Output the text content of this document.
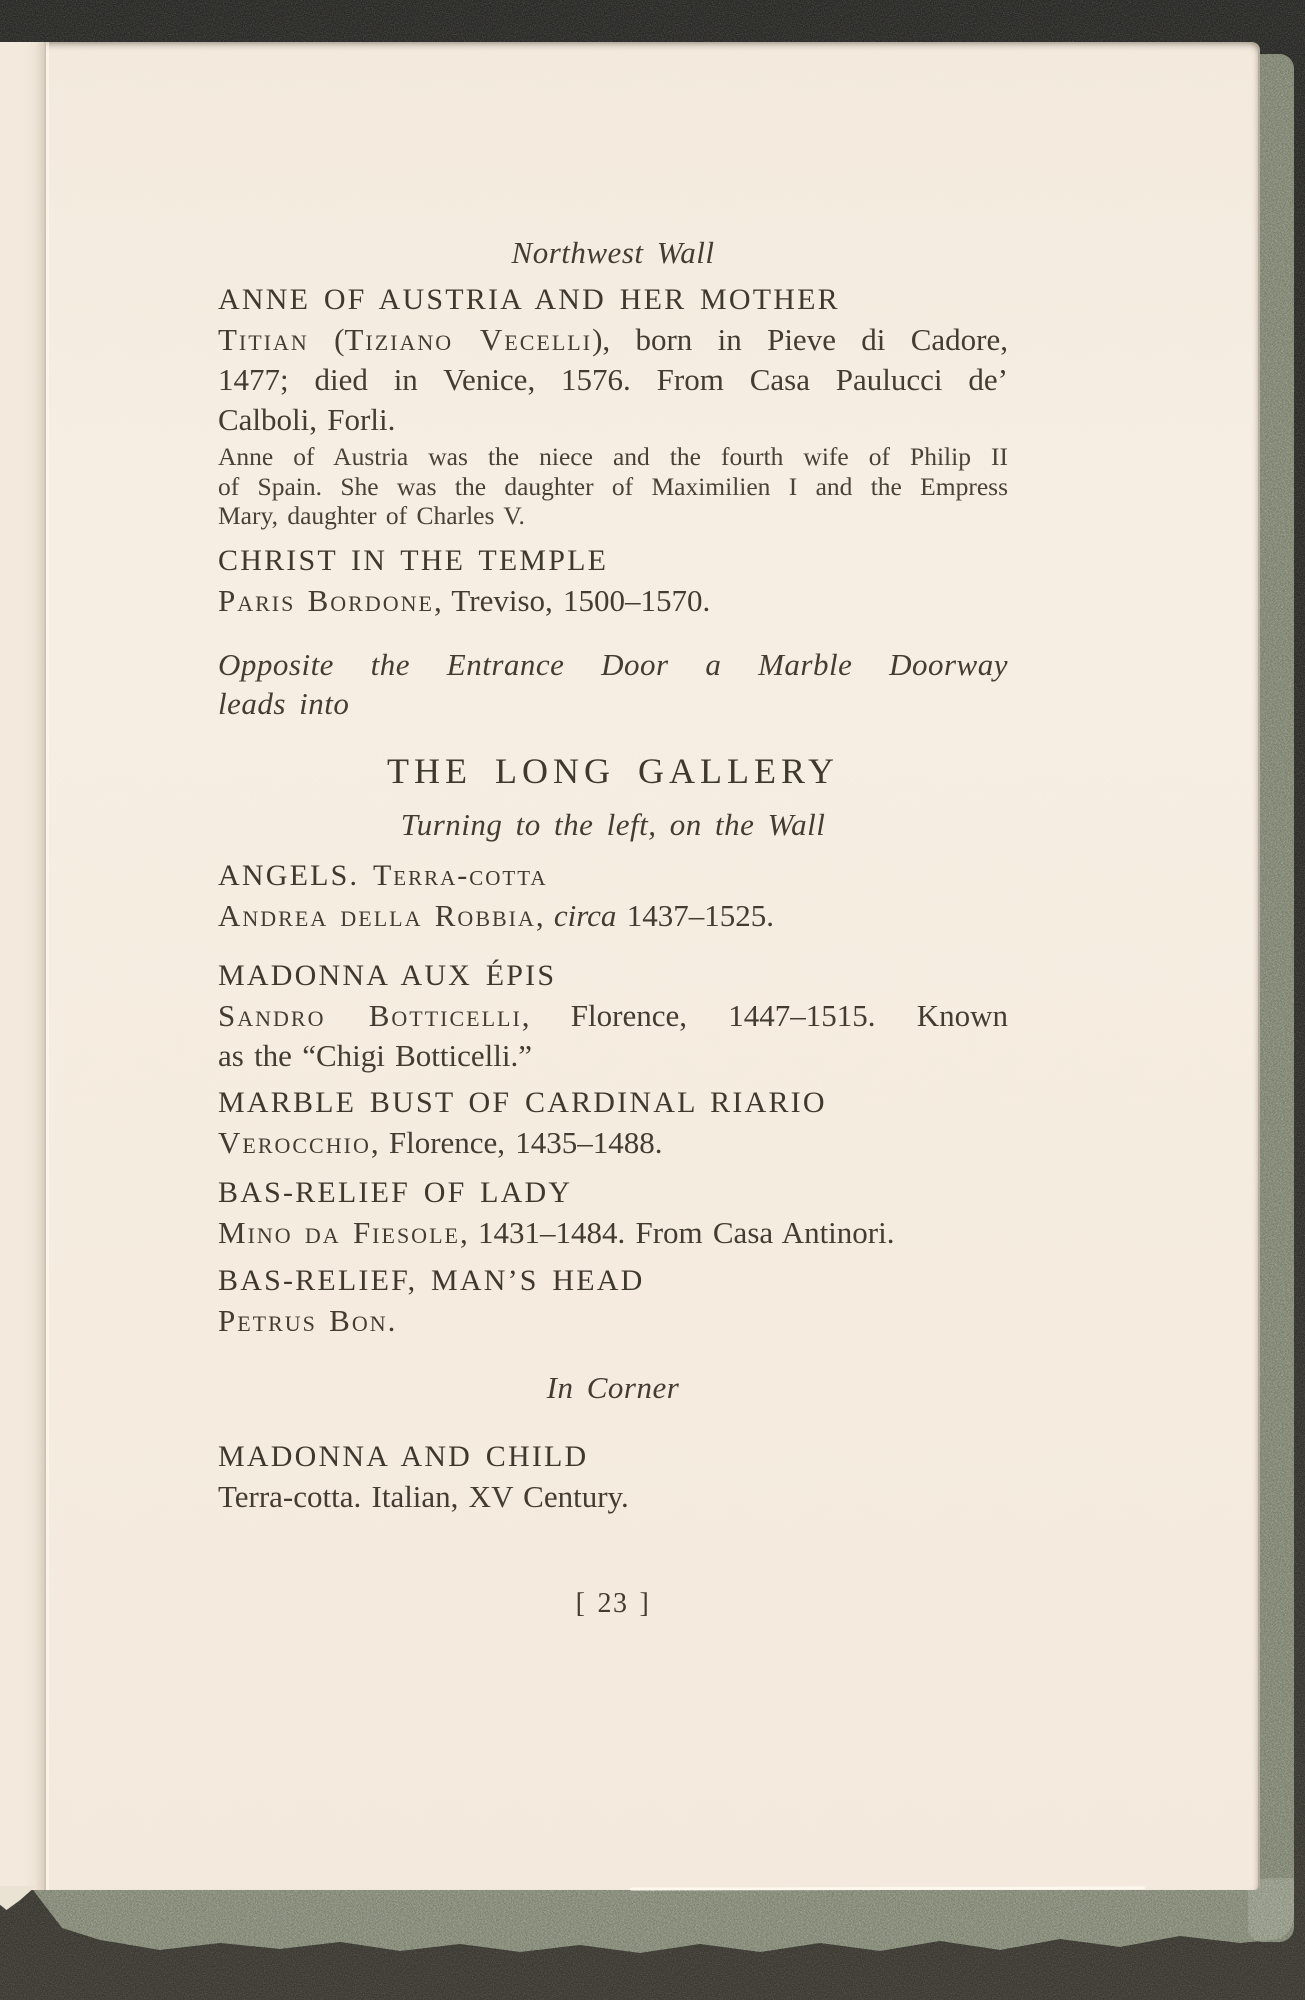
Northwest Wall
ANNE OF AUSTRIA AND HER MOTHER
Titian (Tiziano Vecelli), born in Pieve di Cadore,
1477; died in Venice, 1576. From Casa Paulucci de’
Calboli, Forli.
Anne of Austria was the niece and the fourth wife of Philip II
of Spain. She was the daughter of Maximilien I and the Empress
Mary, daughter of Charles V.
CHRIST IN THE TEMPLE
Paris Bordone, Treviso, 1500–1570.
Opposite the Entrance Door a Marble Doorway
leads into
THE LONG GALLERY
Turning to the left, on the Wall
ANGELS. Terra-cotta
Andrea della Robbia, circa 1437–1525.
MADONNA AUX ÉPIS
Sandro Botticelli, Florence, 1447–1515. Known
as the “Chigi Botticelli.”
MARBLE BUST OF CARDINAL RIARIO
Verocchio, Florence, 1435–1488.
BAS-RELIEF OF LADY
Mino da Fiesole, 1431–1484. From Casa Antinori.
BAS-RELIEF, MAN’S HEAD
Petrus Bon.
In Corner
MADONNA AND CHILD
Terra-cotta. Italian, XV Century.
[ 23 ]
